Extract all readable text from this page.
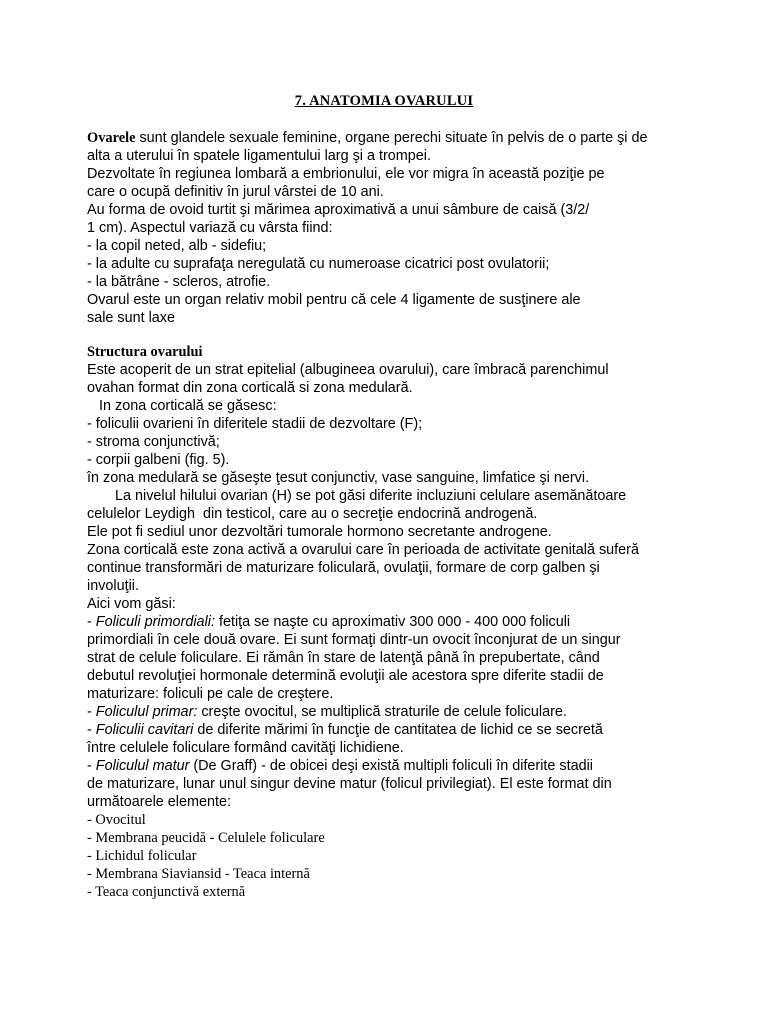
7. ANATOMIA OVARULUI
Ovarele sunt glandele sexuale feminine, organe perechi situate în pelvis de o parte şi de
alta a uterului în spatele ligamentului larg şi a trompei.
Dezvoltate în regiunea lombară a embrionului, ele vor migra în această poziţie pe
care o ocupă definitiv în jurul vârstei de 10 ani.
Au forma de ovoid turtit şi mărimea aproximativă a unui sâmbure de caisă (3/2/
1 cm). Aspectul variază cu vârsta fiind:
- la copil neted, alb - sidefiu;
- la adulte cu suprafaţa neregulată cu numeroase cicatrici post ovulatorii;
- la bătrâne - scleros, atrofie.
Ovarul este un organ relativ mobil pentru că cele 4 ligamente de susţinere ale
sale sunt laxe
Structura ovarului
Este acoperit de un strat epitelial (albugineea ovarului), care îmbracă parenchimul
ovahan format din zona corticală si zona medulară.
In zona corticală se găsesc:
- foliculii ovarieni în diferitele stadii de dezvoltare (F);
- stroma conjunctivă;
- corpii galbeni (fig. 5).
în zona medulară se găseşte ţesut conjunctiv, vase sanguine, limfatice şi nervi.
La nivelul hilului ovarian (H) se pot găsi diferite incluziuni celulare asemănătoare
celulelor Leydigh  din testicol, care au o secreţie endocrină androgenă.
Ele pot fi sediul unor dezvoltări tumorale hormono secretante androgene.
Zona corticală este zona activă a ovarului care în perioada de activitate genitală suferă
continue transformări de maturizare foliculară, ovulaţii, formare de corp galben şi
involuţii.
Aici vom găsi:
- Foliculi primordiali: fetiţa se naşte cu aproximativ 300 000 - 400 000 foliculi
primordiali în cele două ovare. Ei sunt formaţi dintr-un ovocit înconjurat de un singur
strat de celule foliculare. Ei rămân în stare de latenţă până în prepubertate, când
debutul revoluţiei hormonale determină evoluţii ale acestora spre diferite stadii de
maturizare: foliculi pe cale de creştere.
- Foliculul primar: creşte ovocitul, se multiplică straturile de celule foliculare.
- Foliculii cavitari de diferite mărimi în funcţie de cantitatea de lichid ce se secretă
între celulele foliculare formând cavităţi lichidiene.
- Foliculul matur (De Graff) - de obicei deşi există multipli foliculi în diferite stadii
de maturizare, lunar unul singur devine matur (folicul privilegiat). El este format din
următoarele elemente:
- Ovocitul
- Membrana peucidă - Celulele foliculare
- Lichidul folicular
- Membrana Siaviansid - Teaca internă
- Teaca conjunctivă externă
